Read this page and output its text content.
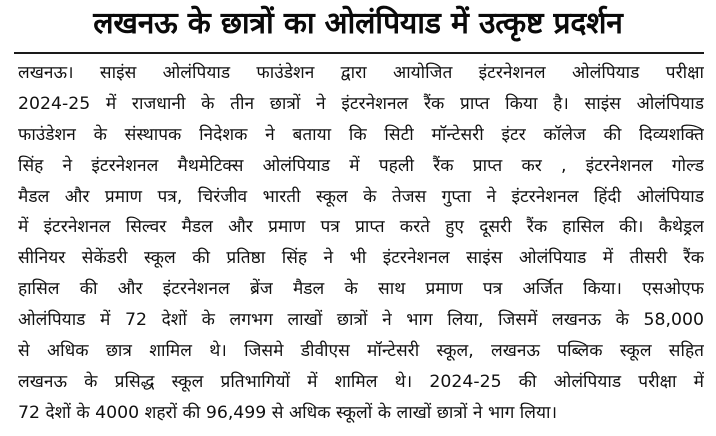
लखनऊ के छात्रों का ओलंपियाड में उत्कृष्ट प्रदर्शन
लखनऊ। साइंस ओलंपियाड फाउंडेशन द्वारा आयोजित इंटरनेशनल ओलंपियाड परीक्षा
2024-25 में राजधानी के तीन छात्रों ने इंटरनेशनल रैंक प्राप्त किया है। साइंस ओलंपियाड
फाउंडेशन के संस्थापक निदेशक ने बताया कि सिटी मॉन्टेसरी इंटर कॉलेज की दिव्यशक्ति
सिंह ने इंटरनेशनल मैथमेटिक्स ओलंपियाड में पहली रैंक प्राप्त कर , इंटरनेशनल गोल्ड
मैडल और प्रमाण पत्र, चिरंजीव भारती स्कूल के तेजस गुप्ता ने इंटरनेशनल हिंदी ओलंपियाड
में इंटरनेशनल सिल्वर मैडल और प्रमाण पत्र प्राप्त करते हुए दूसरी रैंक हासिल की। कैथेड्रल
सीनियर सेकेंडरी स्कूल की प्रतिष्ठा सिंह ने भी इंटरनेशनल साइंस ओलंपियाड में तीसरी रैंक
हासिल की और इंटरनेशनल ब्रेंज मैडल के साथ प्रमाण पत्र अर्जित किया। एसओएफ
ओलंपियाड में 72 देशों के लगभग लाखों छात्रों ने भाग लिया, जिसमें लखनऊ के 58,000
से अधिक छात्र शामिल थे। जिसमे डीवीएस मॉन्टेसरी स्कूल, लखनऊ पब्लिक स्कूल सहित
लखनऊ के प्रसिद्ध स्कूल प्रतिभागियों में शामिल थे। 2024-25 की ओलंपियाड परीक्षा में
72 देशों के 4000 शहरों की 96,499 से अधिक स्कूलों के लाखों छात्रों ने भाग लिया।
